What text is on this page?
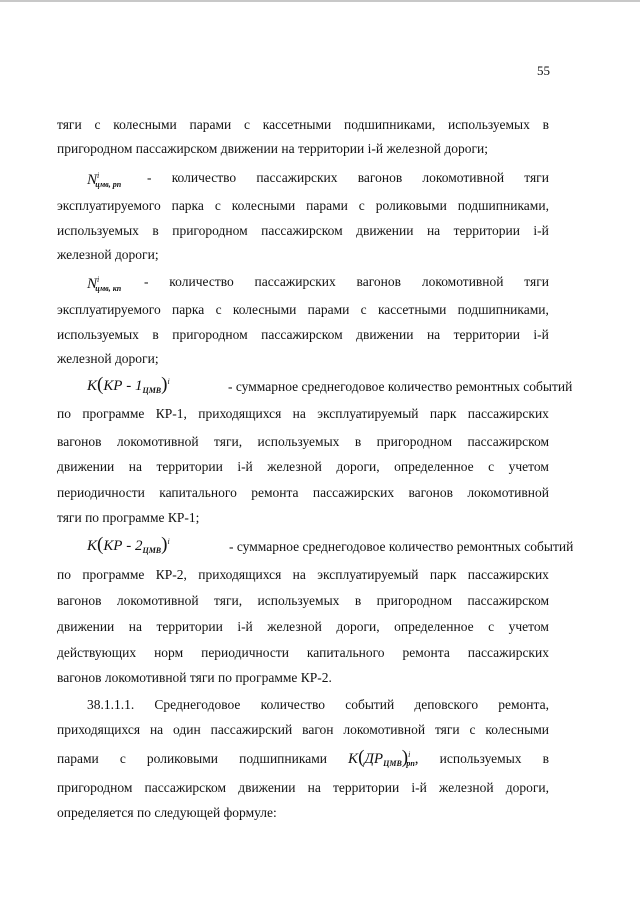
55
тяги с колесными парами с кассетными подшипниками, используемых в
пригородном пассажирском движении на территории i-й железной дороги;
$N^i_{цмв, рп}$ - количество пассажирских вагонов локомотивной тяги
эксплуатируемого парка с колесными парами с роликовыми подшипниками,
используемых в пригородном пассажирском движении на территории i-й
железной дороги;
$N^i_{цмв, кп}$ - количество пассажирских вагонов локомотивной тяги
эксплуатируемого парка с колесными парами с кассетными подшипниками,
используемых в пригородном пассажирском движении на территории i-й
железной дороги;
$K(КР - 1_{ЦМВ})^i$	- суммарное среднегодовое количество ремонтных событий
по программе КР-1, приходящихся на эксплуатируемый парк пассажирских
вагонов локомотивной тяги, используемых в пригородном пассажирском
движении на территории i-й железной дороги, определенное с учетом
периодичности капитального ремонта пассажирских вагонов локомотивной
тяги по программе КР-1;
$K(КР - 2_{ЦМВ})^i$	- суммарное среднегодовое количество ремонтных событий
по программе КР-2, приходящихся на эксплуатируемый парк пассажирских
вагонов локомотивной тяги, используемых в пригородном пассажирском
движении на территории i-й железной дороги, определенное с учетом
действующих норм периодичности капитального ремонта пассажирских
вагонов локомотивной тяги по программе КР-2.
38.1.1.1. Среднегодовое количество событий деповского ремонта,
приходящихся на один пассажирский вагон локомотивной тяги с колесными
парами с роликовыми подшипниками $K(ДР_{ЦМВ})^i_{рп}$, используемых в
пригородном пассажирском движении на территории i-й железной дороги,
определяется по следующей формуле:
